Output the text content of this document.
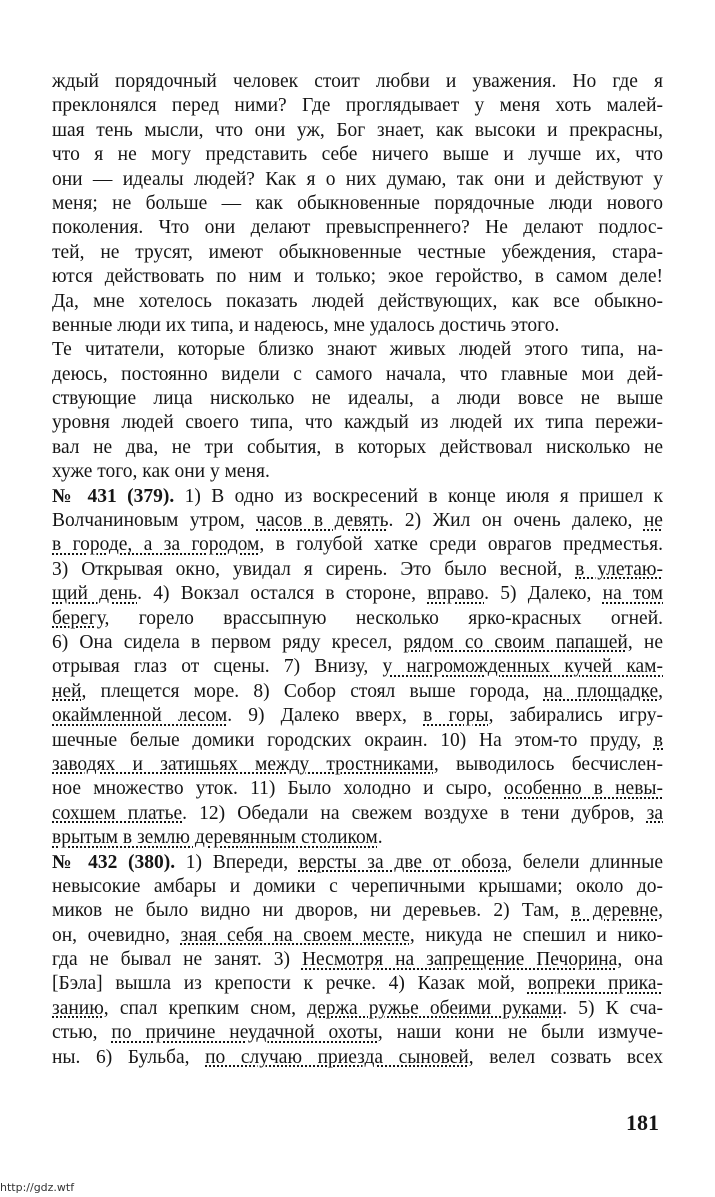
ждый порядочный человек стоит любви и уважения. Но где я
преклонялся перед ними? Где проглядывает у меня хоть малей-
шая тень мысли, что они уж, Бог знает, как высоки и прекрасны,
что я не могу представить себе ничего выше и лучше их, что
они — идеалы людей? Как я о них думаю, так они и действуют у
меня; не больше — как обыкновенные порядочные люди нового
поколения. Что они делают превыспреннего? Не делают подлос-
тей, не трусят, имеют обыкновенные честные убеждения, стара-
ются действовать по ним и только; экое геройство, в самом деле!
Да, мне хотелось показать людей действующих, как все обыкно-
венные люди их типа, и надеюсь, мне удалось достичь этого.
Те читатели, которые близко знают живых людей этого типа, на-
деюсь, постоянно видели с самого начала, что главные мои дей-
ствующие лица нисколько не идеалы, а люди вовсе не выше
уровня людей своего типа, что каждый из людей их типа пережи-
вал не два, не три события, в которых действовал нисколько не
хуже того, как они у меня.
№ 431 (379). 1) В одно из воскресений в конце июля я пришел к
Волчаниновым утром, часов в девять. 2) Жил он очень далеко, не
в городе, а за городом, в голубой хатке среди оврагов предместья.
3) Открывая окно, увидал я сирень. Это было весной, в улетаю-
щий день. 4) Вокзал остался в стороне, вправо. 5) Далеко, на том
берегу, горело врассыпную несколько ярко-красных огней.
6) Она сидела в первом ряду кресел, рядом со своим папашей, не
отрывая глаз от сцены. 7) Внизу, у нагроможденных кучей кам-
ней, плещется море. 8) Собор стоял выше города, на площадке,
окаймленной лесом. 9) Далеко вверх, в горы, забирались игру-
шечные белые домики городских окраин. 10) На этом-то пруду, в
заводях и затишьях между тростниками, выводилось бесчислен-
ное множество уток. 11) Было холодно и сыро, особенно в невы-
сохшем платье. 12) Обедали на свежем воздухе в тени дубров, за
врытым в землю деревянным столиком.
№ 432 (380). 1) Впереди, версты за две от обоза, белели длинные
невысокие амбары и домики с черепичными крышами; около до-
миков не было видно ни дворов, ни деревьев. 2) Там, в деревне,
он, очевидно, зная себя на своем месте, никуда не спешил и нико-
гда не бывал не занят. 3) Несмотря на запрещение Печорина, она
[Бэла] вышла из крепости к речке. 4) Казак мой, вопреки прика-
занию, спал крепким сном, держа ружье обеими руками. 5) К сча-
стью, по причине неудачной охоты, наши кони не были измуче-
ны. 6) Бульба, по случаю приезда сыновей, велел созвать всех
181
http://gdz.wtf
